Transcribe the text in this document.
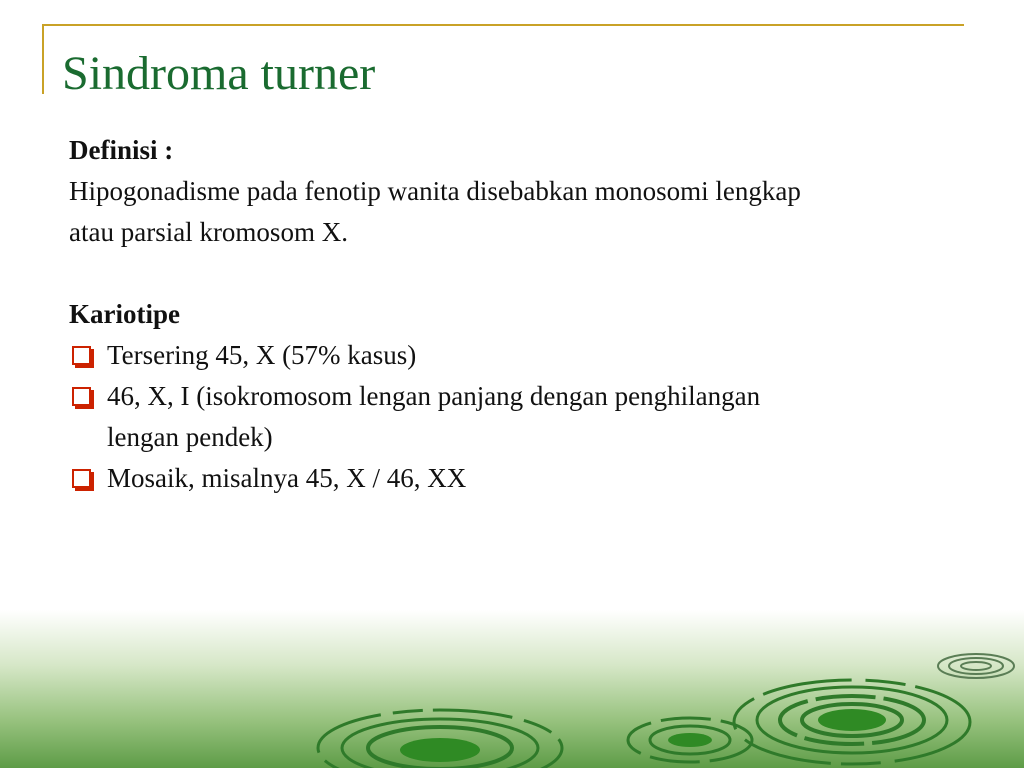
Sindroma turner
Definisi :
Hipogonadisme pada fenotip wanita disebabkan monosomi lengkap
atau parsial kromosom X.
Kariotipe
Tersering 45, X (57% kasus)
46, X, I (isokromosom lengan panjang dengan penghilangan
lengan pendek)
Mosaik, misalnya 45, X / 46, XX
